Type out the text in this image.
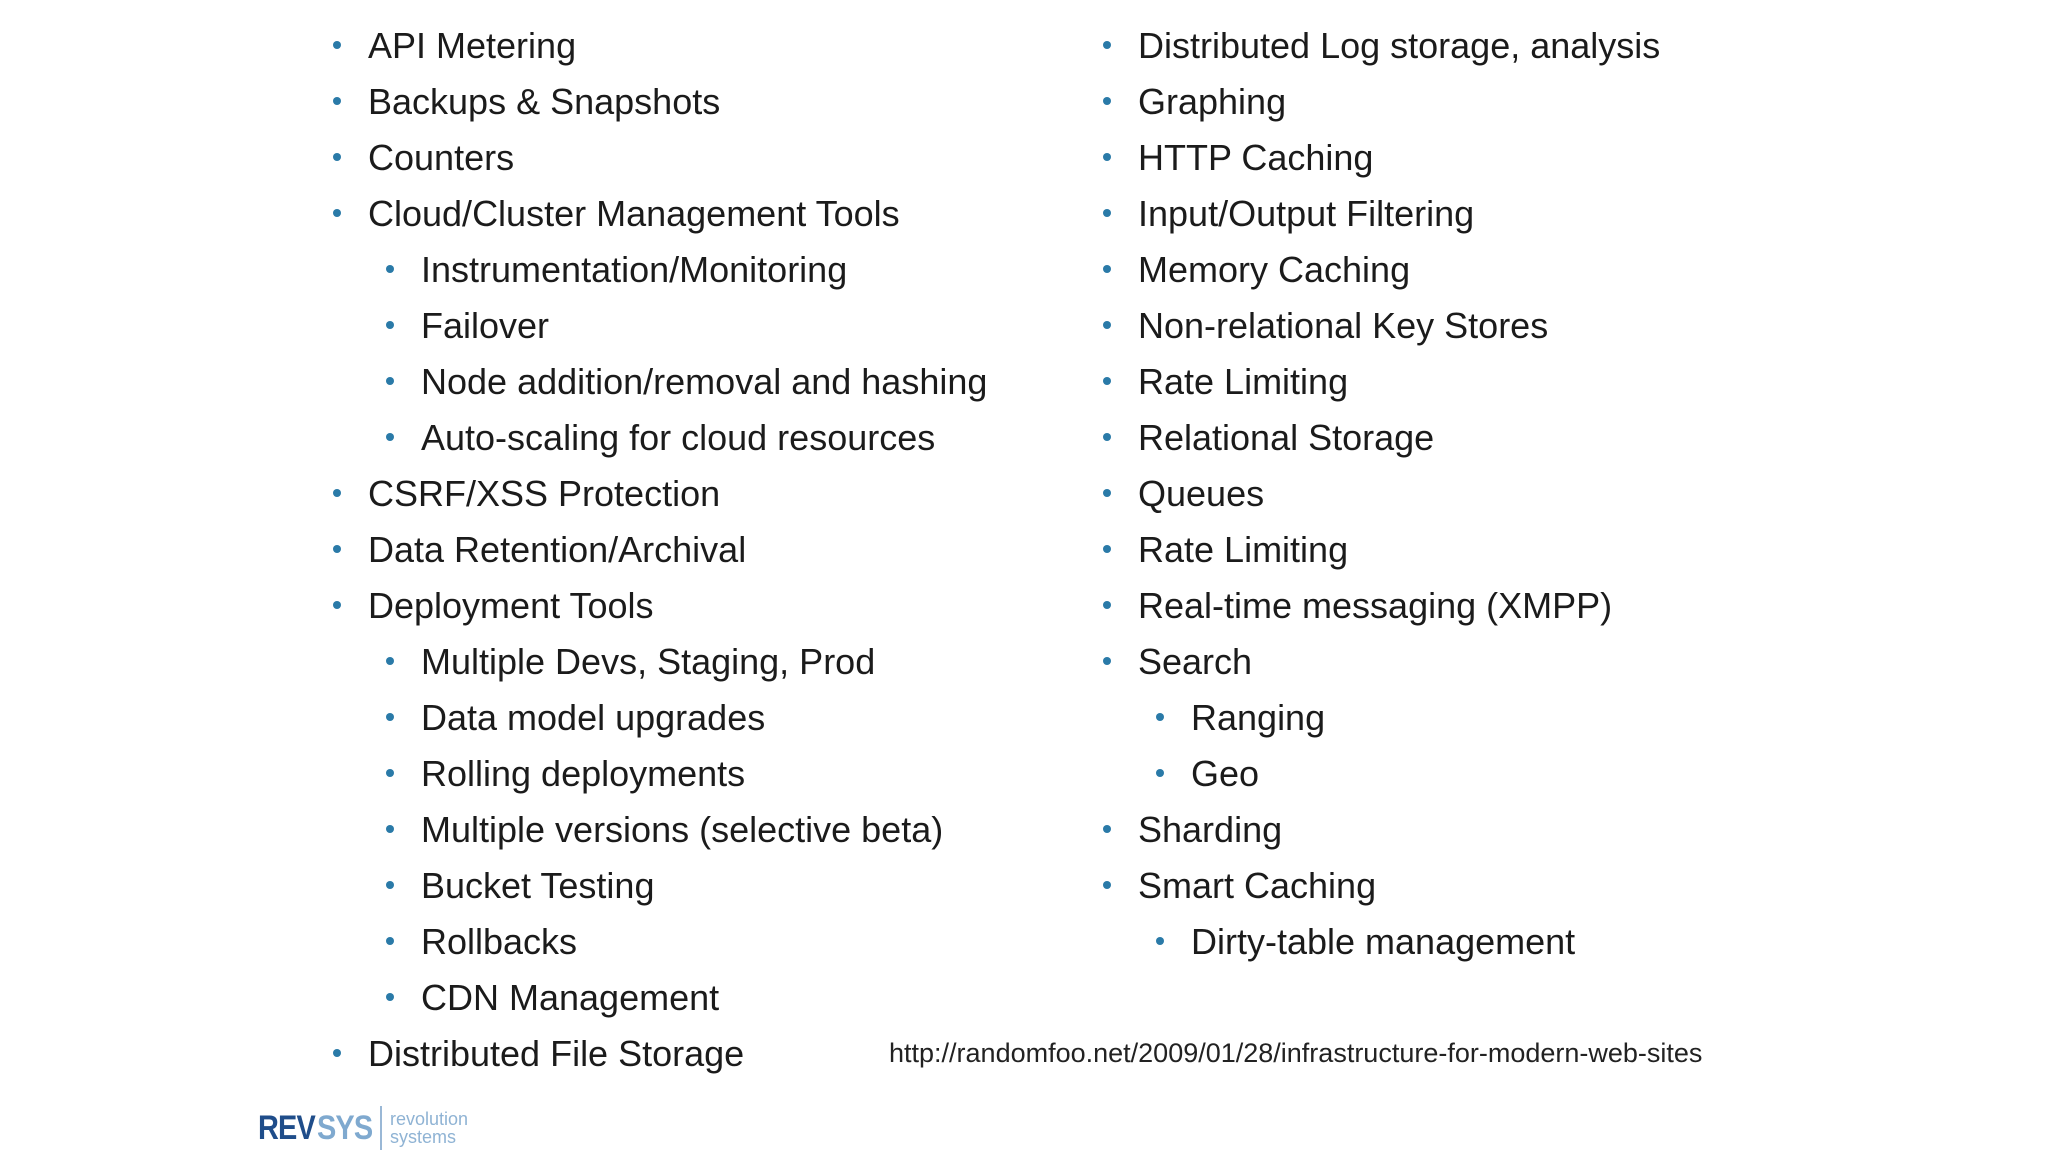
API Metering
Backups & Snapshots
Counters
Cloud/Cluster Management Tools
Instrumentation/Monitoring
Failover
Node addition/removal and hashing
Auto-scaling for cloud resources
CSRF/XSS Protection
Data Retention/Archival
Deployment Tools
Multiple Devs, Staging, Prod
Data model upgrades
Rolling deployments
Multiple versions (selective beta)
Bucket Testing
Rollbacks
CDN Management
Distributed File Storage
Distributed Log storage, analysis
Graphing
HTTP Caching
Input/Output Filtering
Memory Caching
Non-relational Key Stores
Rate Limiting
Relational Storage
Queues
Rate Limiting
Real-time messaging (XMPP)
Search
Ranging
Geo
Sharding
Smart Caching
Dirty-table management
http://randomfoo.net/2009/01/28/infrastructure-for-modern-web-sites
REV SYS revolution
systems
